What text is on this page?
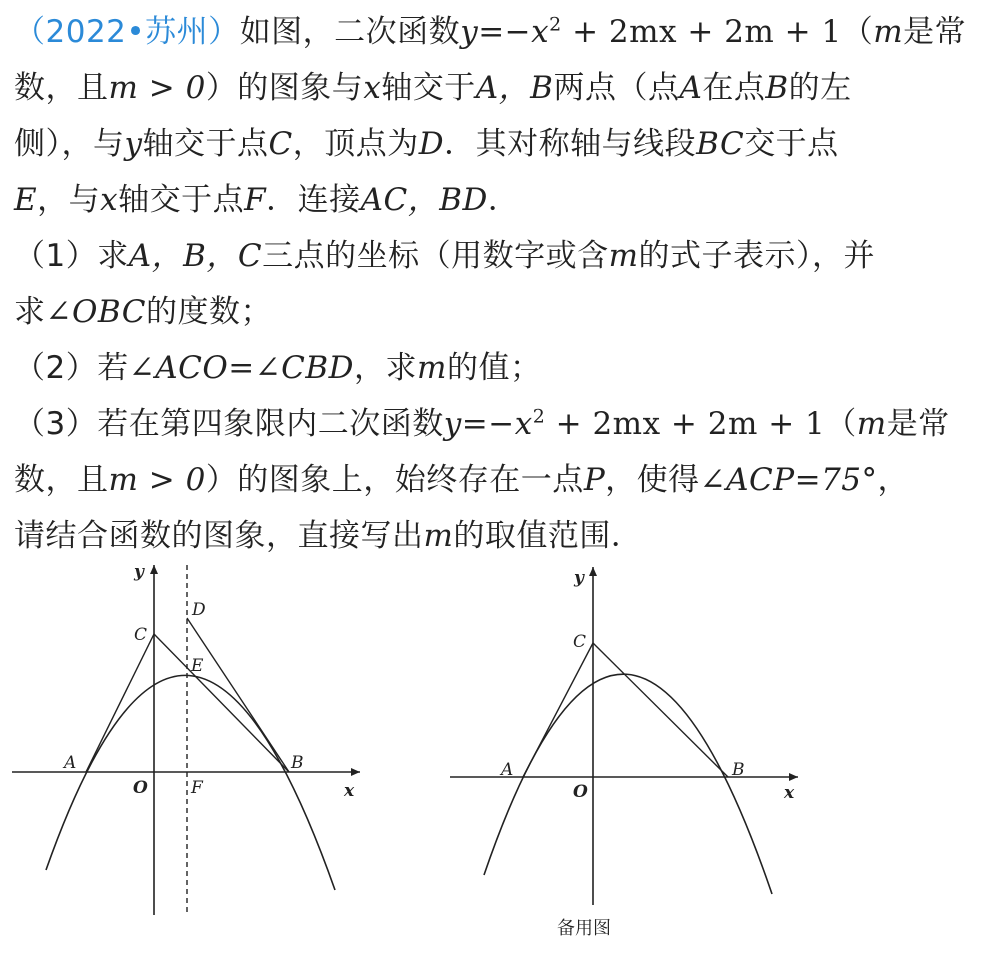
（2022•苏州）如图，二次函数$y=-x^2 + 2mx + 2m + 1(m$是常
数，且m > 0）的图象与x轴交于A，B两点（点A在点B的左
侧），与y轴交于点C，顶点为D．其对称轴与线段BC交于点
E，与x轴交于点F．连接AC，BD．
（1）求A，B，C三点的坐标（用数字或含m的式子表示），并
求∠OBC的度数；
（2）若∠ACO=∠CBD，求m的值；
（3）若在第四象限内二次函数$y=-x^2 + 2mx + 2m + 1(m$是常
数，且m > 0）的图象上，始终存在一点P，使得∠ACP=75°，
请结合函数的图象，直接写出m的取值范围．
y
x
O
A	B
C
D
E
F
y
x
O
A	B
C
备用图
